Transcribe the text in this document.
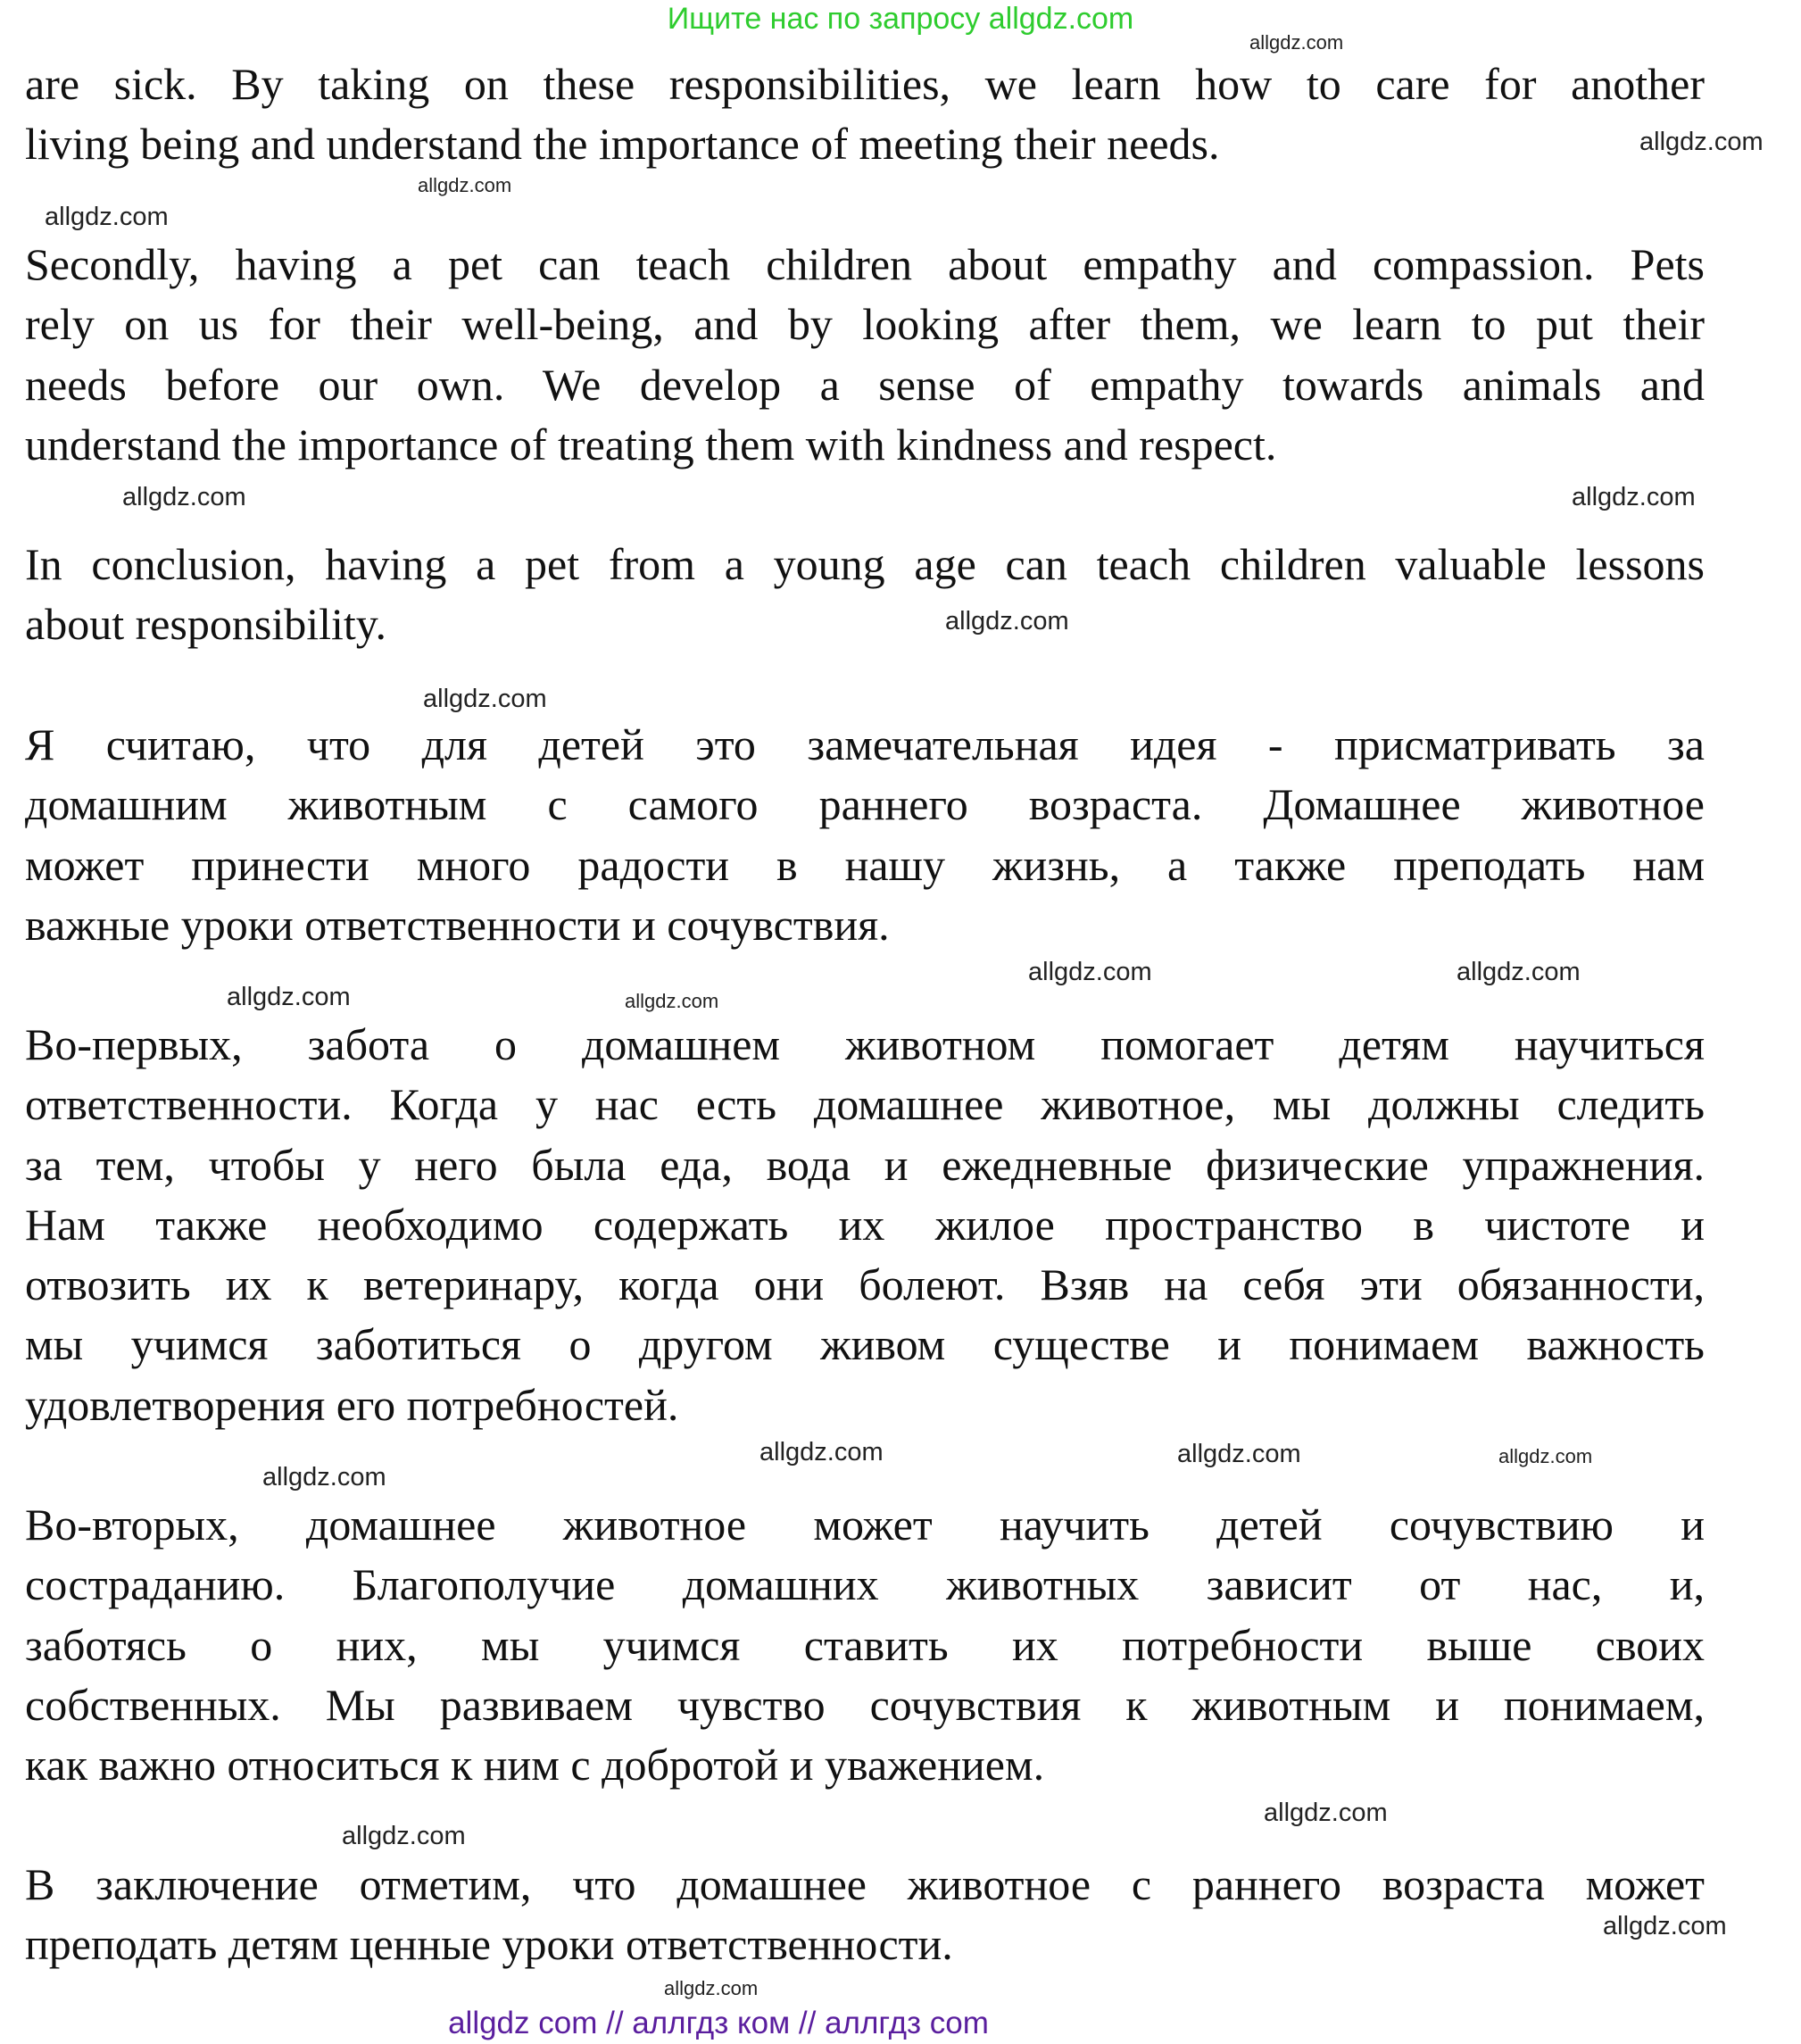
Ищите нас по запросу allgdz.com
are sick. By taking on these responsibilities, we learn how to care for another
living being and understand the importance of meeting their needs.
Secondly, having a pet can teach children about empathy and compassion. Pets
rely on us for their well-being, and by looking after them, we learn to put their
needs before our own. We develop a sense of empathy towards animals and
understand the importance of treating them with kindness and respect.
In conclusion, having a pet from a young age can teach children valuable lessons
about responsibility.
Я считаю, что для детей это замечательная идея - присматривать за
домашним животным с самого раннего возраста. Домашнее животное
может принести много радости в нашу жизнь, а также преподать нам
важные уроки ответственности и сочувствия.
Во-первых, забота о домашнем животном помогает детям научиться
ответственности. Когда у нас есть домашнее животное, мы должны следить
за тем, чтобы у него была еда, вода и ежедневные физические упражнения.
Нам также необходимо содержать их жилое пространство в чистоте и
отвозить их к ветеринару, когда они болеют. Взяв на себя эти обязанности,
мы учимся заботиться о другом живом существе и понимаем важность
удовлетворения его потребностей.
Во-вторых, домашнее животное может научить детей сочувствию и
состраданию. Благополучие домашних животных зависит от нас, и,
заботясь о них, мы учимся ставить их потребности выше своих
собственных. Мы развиваем чувство сочувствия к животным и понимаем,
как важно относиться к ним с добротой и уважением.
В заключение отметим, что домашнее животное с раннего возраста может
преподать детям ценные уроки ответственности.
allgdz.com
allgdz.com
allgdz.com
allgdz.com
allgdz.com
allgdz.com
allgdz.com
allgdz.com
allgdz.com	allgdz.com
allgdz.com	allgdz.com
allgdz.com
allgdz.com
allgdz.com
allgdz.com
allgdz.com
allgdz.com
allgdz.com
allgdz.com
allgdz com // аллгдз ком // аллгдз com
